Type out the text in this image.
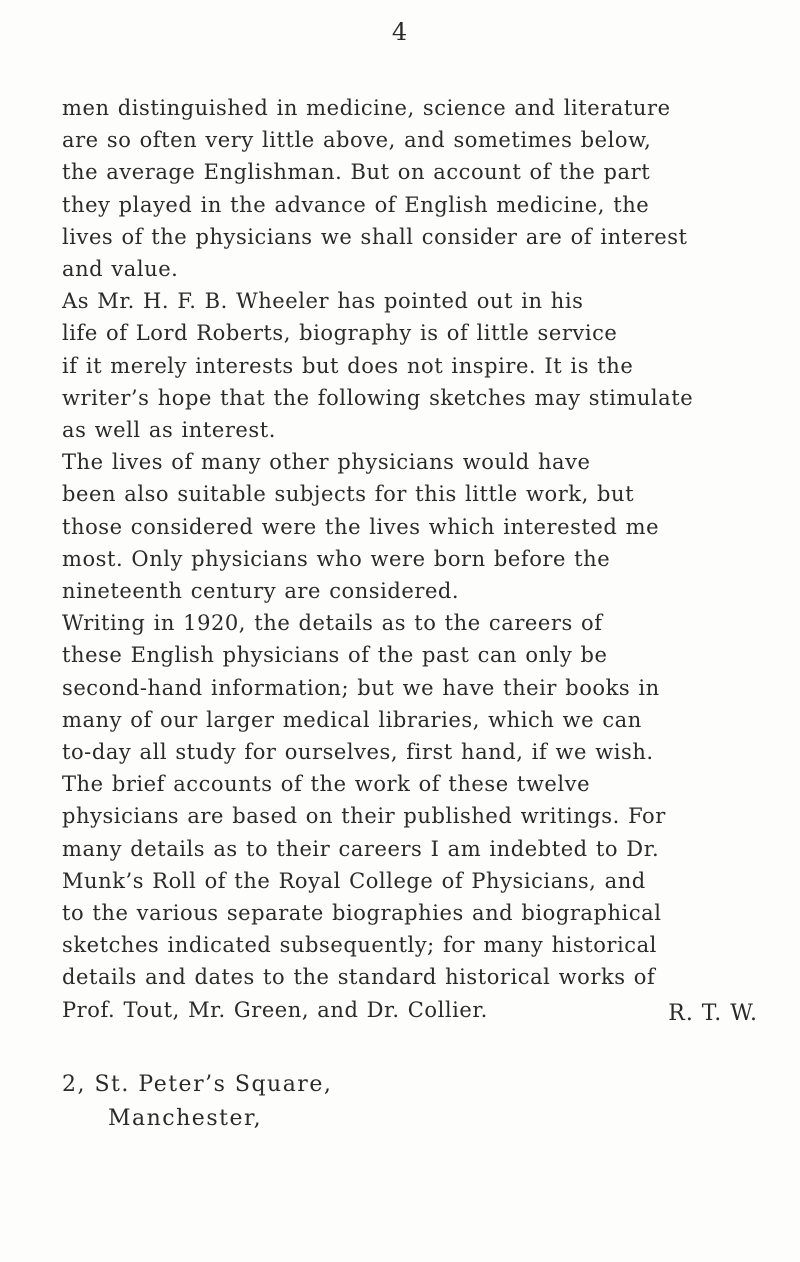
4
men distinguished in medicine, science and literature
are so often very little above, and sometimes below,
the average Englishman. But on account of the part
they played in the advance of English medicine, the
lives of the physicians we shall consider are of interest
and value.
As Mr. H. F. B. Wheeler has pointed out in his
life of Lord Roberts, biography is of little service
if it merely interests but does not inspire. It is the
writer’s hope that the following sketches may stimulate
as well as interest.
The lives of many other physicians would have
been also suitable subjects for this little work, but
those considered were the lives which interested me
most. Only physicians who were born before the
nineteenth century are considered.
Writing in 1920, the details as to the careers of
these English physicians of the past can only be
second-hand information; but we have their books in
many of our larger medical libraries, which we can
to-day all study for ourselves, first hand, if we wish.
The brief accounts of the work of these twelve
physicians are based on their published writings. For
many details as to their careers I am indebted to Dr.
Munk’s Roll of the Royal College of Physicians, and
to the various separate biographies and biographical
sketches indicated subsequently; for many historical
details and dates to the standard historical works of
Prof. Tout, Mr. Green, and Dr. Collier.	R. T. W.
2, St. Peter’s Square,
Manchester,
